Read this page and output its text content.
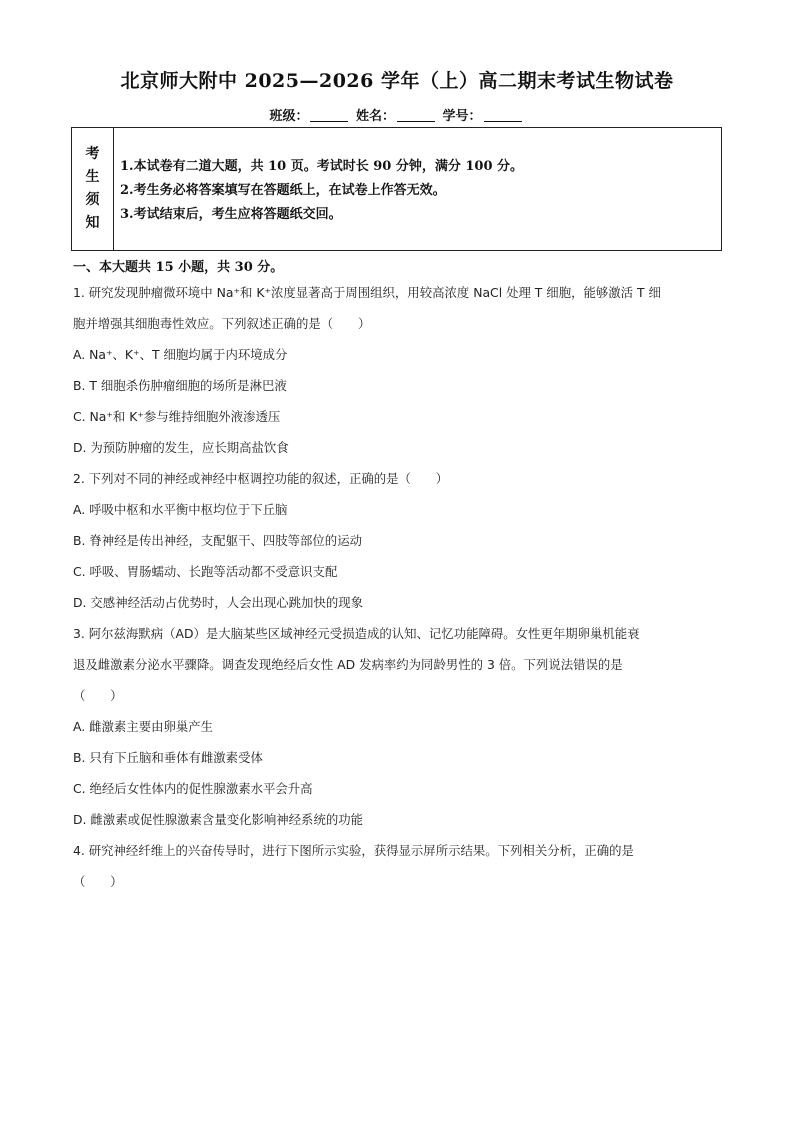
北京师大附中 2025—2026 学年（上）高二期末考试生物试卷
班级：	姓名：	学号：
考
生
须
知
1.本试卷有二道大题，共 10 页。考试时长 90 分钟，满分 100 分。
2.考生务必将答案填写在答题纸上，在试卷上作答无效。
3.考试结束后，考生应将答题纸交回。
一、本大题共 15 小题，共 30 分。
1. 研究发现肿瘤微环境中 Na⁺和 K⁺浓度显著高于周围组织，用较高浓度 NaCl 处理 T 细胞，能够激活 T 细
胞并增强其细胞毒性效应。下列叙述正确的是（　　）
A. Na⁺、K⁺、T 细胞均属于内环境成分
B. T 细胞杀伤肿瘤细胞的场所是淋巴液
C. Na⁺和 K⁺参与维持细胞外液渗透压
D. 为预防肿瘤的发生，应长期高盐饮食
2. 下列对不同的神经或神经中枢调控功能的叙述，正确的是（　　）
A. 呼吸中枢和水平衡中枢均位于下丘脑
B. 脊神经是传出神经，支配躯干、四肢等部位的运动
C. 呼吸、胃肠蠕动、长跑等活动都不受意识支配
D. 交感神经活动占优势时，人会出现心跳加快的现象
3. 阿尔兹海默病（AD）是大脑某些区域神经元受损造成的认知、记忆功能障碍。女性更年期卵巢机能衰
退及雌激素分泌水平骤降。调查发现绝经后女性 AD 发病率约为同龄男性的 3 倍。下列说法错误的是
（　　）
A. 雌激素主要由卵巢产生
B. 只有下丘脑和垂体有雌激素受体
C. 绝经后女性体内的促性腺激素水平会升高
D. 雌激素或促性腺激素含量变化影响神经系统的功能
4. 研究神经纤维上的兴奋传导时，进行下图所示实验，获得显示屏所示结果。下列相关分析，正确的是
（　　）
